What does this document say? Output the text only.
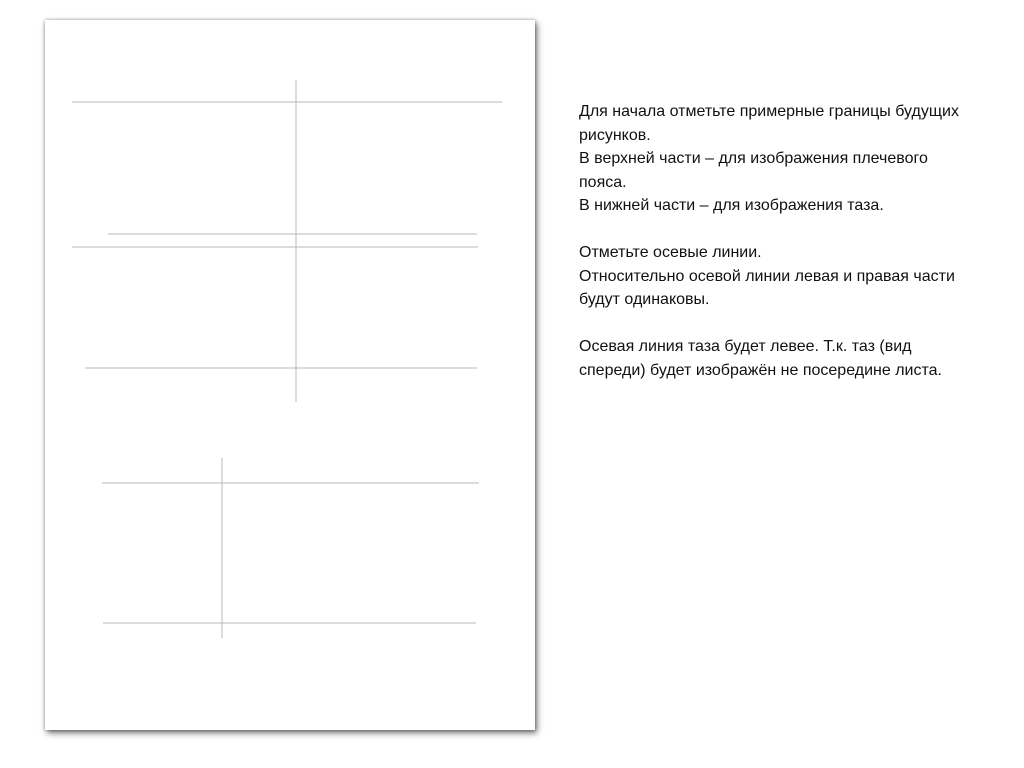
Для начала отметьте примерные границы будущих рисунков.

В верхней части – для изображения плечевого пояса.

В нижней части – для изображения таза.

Отметьте осевые линии.

Относительно осевой линии левая и правая части будут одинаковы.

Осевая линия таза будет левее. Т.к. таз (вид спереди) будет изображён не посередине листа.
